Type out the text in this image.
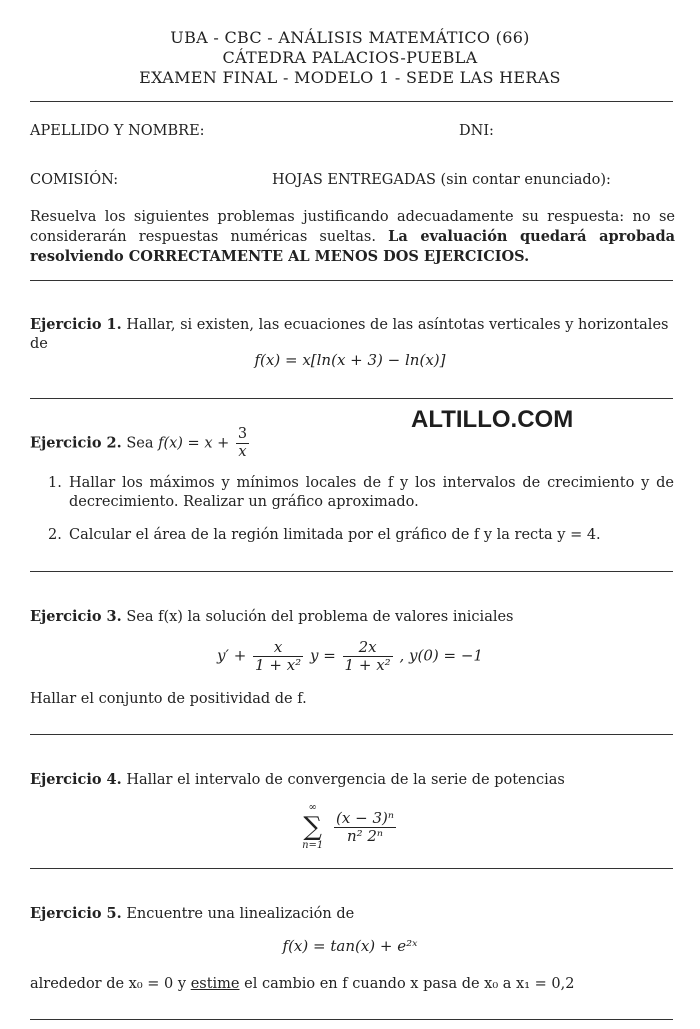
UBA - CBC - ANÁLISIS MATEMÁTICO (66)
CÁTEDRA PALACIOS-PUEBLA
EXAMEN FINAL - MODELO 1 - SEDE LAS HERAS
APELLIDO Y NOMBRE:	DNI:
COMISIÓN:	HOJAS ENTREGADAS (sin contar enunciado):
Resuelva los siguientes problemas justificando adecuadamente su respuesta: no se considerarán respuestas numéricas sueltas. La evaluación quedará aprobada resolviendo CORRECTAMENTE AL MENOS DOS EJERCICIOS.
Ejercicio 1. Hallar, si existen, las ecuaciones de las asíntotas verticales y horizontales de
f(x) = x[ln(x + 3) − ln(x)]
ALTILLO.COM
Ejercicio 2. Sea $f(x) = x + \frac{3}{x}$
1. Hallar los máximos y mínimos locales de f y los intervalos de crecimiento y de decrecimiento. Realizar un gráfico aproximado.
2. Calcular el área de la región limitada por el gráfico de f y la recta y = 4.
Ejercicio 3. Sea f(x) la solución del problema de valores iniciales
$y' + \frac{x}{\text{1 + x²}}$ $y = \frac{2x}{\text{1 + x²}}$ , y(0) = −1
Hallar el conjunto de positividad de f.
Ejercicio 4. Hallar el intervalo de convergencia de la serie de potencias
∞
∑
n=1

$\frac{\text{(x − 3)ⁿ}}{\text{n² 2ⁿ}}$
Ejercicio 5. Encuentre una linealización de
f(x) = tan(x) + e²ˣ
alrededor de x₀ = 0 y estime el cambio en f cuando x pasa de x₀ a x₁ = 0,2
